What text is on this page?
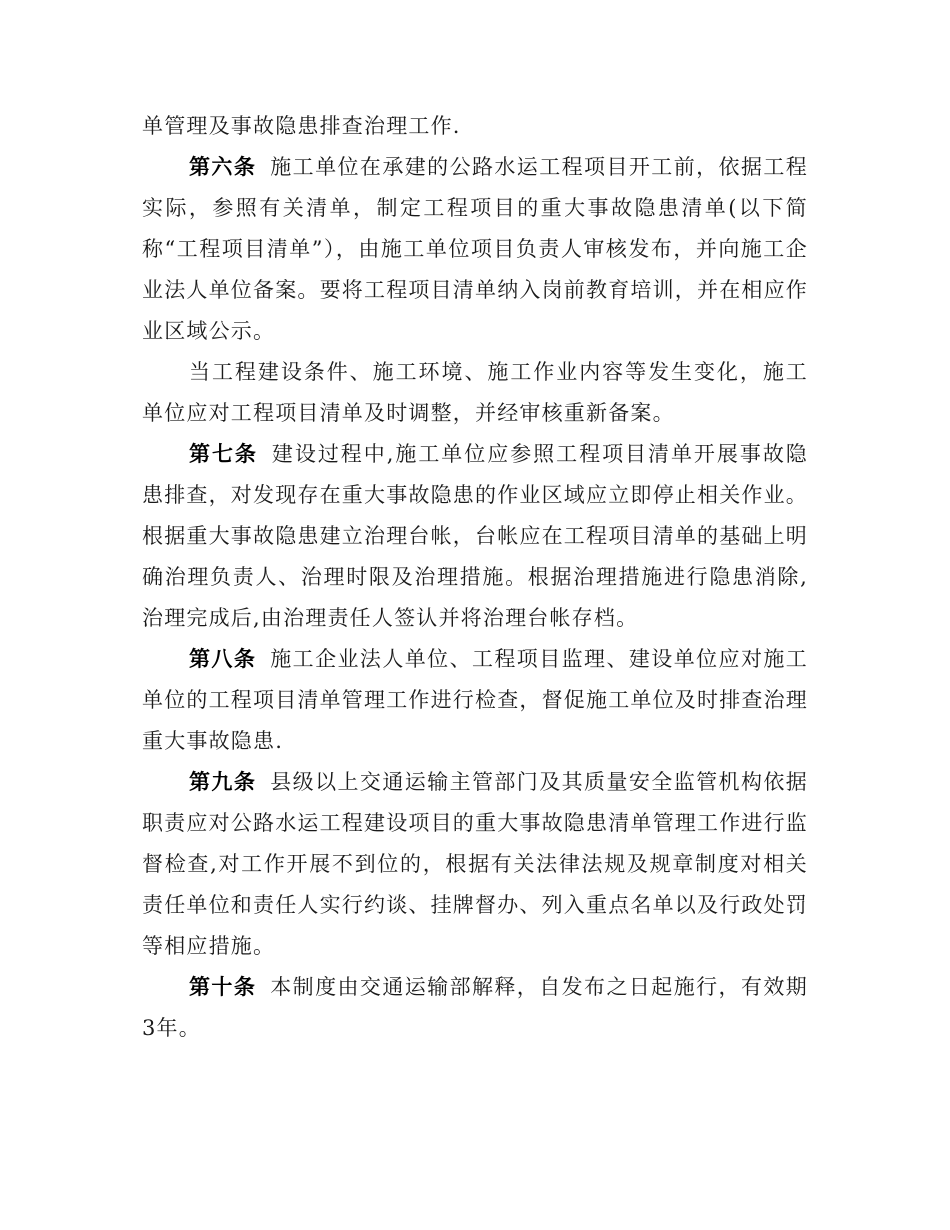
单管理及事故隐患排查治理工作.

第六条 施工单位在承建的公路水运工程项目开工前，依据工程实际，参照有关清单，制定工程项目的重大事故隐患清单(以下简称“工程项目清单”），由施工单位项目负责人审核发布，并向施工企业法人单位备案。要将工程项目清单纳入岗前教育培训，并在相应作业区域公示。

当工程建设条件、施工环境、施工作业内容等发生变化，施工单位应对工程项目清单及时调整，并经审核重新备案。

第七条 建设过程中,施工单位应参照工程项目清单开展事故隐患排查，对发现存在重大事故隐患的作业区域应立即停止相关作业。根据重大事故隐患建立治理台帐，台帐应在工程项目清单的基础上明确治理负责人、治理时限及治理措施。根据治理措施进行隐患消除,治理完成后,由治理责任人签认并将治理台帐存档。

第八条 施工企业法人单位、工程项目监理、建设单位应对施工单位的工程项目清单管理工作进行检查，督促施工单位及时排查治理重大事故隐患.

第九条 县级以上交通运输主管部门及其质量安全监管机构依据职责应对公路水运工程建设项目的重大事故隐患清单管理工作进行监督检查,对工作开展不到位的，根据有关法律法规及规章制度对相关责任单位和责任人实行约谈、挂牌督办、列入重点名单以及行政处罚等相应措施。

第十条 本制度由交通运输部解释，自发布之日起施行，有效期3年。
